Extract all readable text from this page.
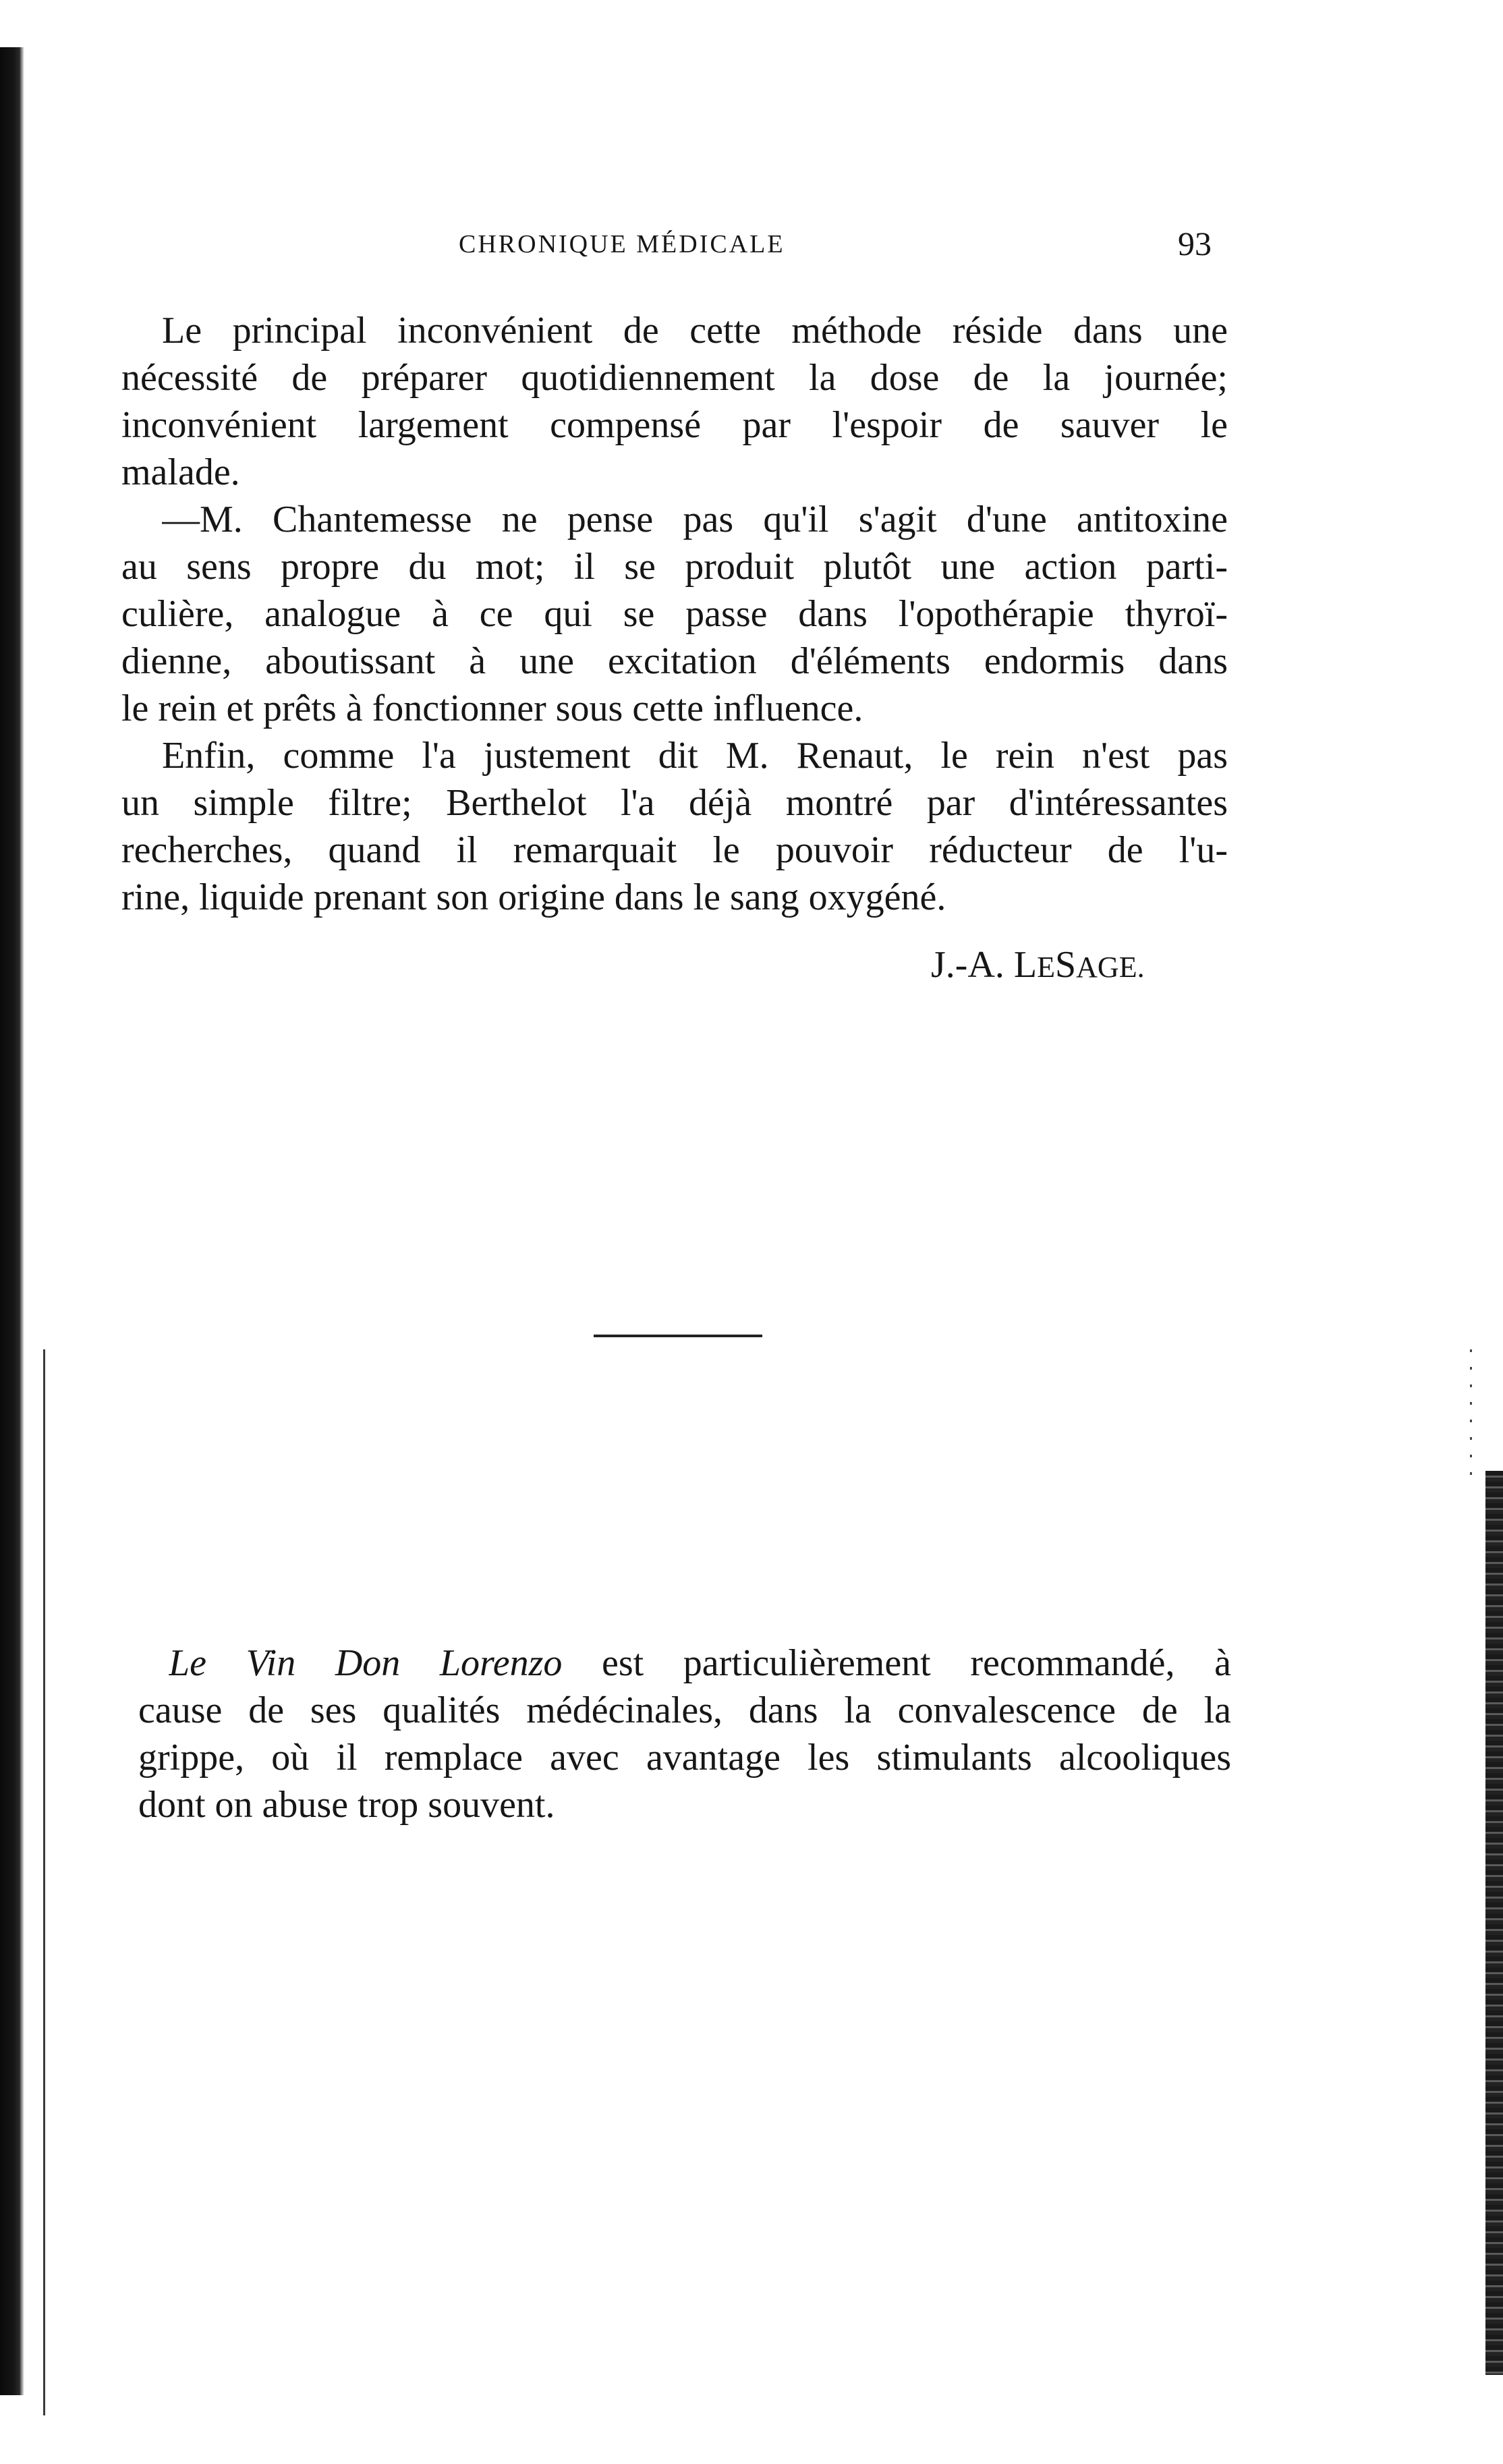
CHRONIQUE MÉDICALE	93
Le principal inconvénient de cette méthode réside dans une
nécessité de préparer quotidiennement la dose de la journée;
inconvénient largement compensé par l'espoir de sauver le
malade.
—M. Chantemesse ne pense pas qu'il s'agit d'une antitoxine
au sens propre du mot; il se produit plutôt une action parti-
culière, analogue à ce qui se passe dans l'opothérapie thyroï-
dienne, aboutissant à une excitation d'éléments endormis dans
le rein et prêts à fonctionner sous cette influence.
Enfin, comme l'a justement dit M. Renaut, le rein n'est pas
un simple filtre; Berthelot l'a déjà montré par d'intéressantes
recherches, quand il remarquait le pouvoir réducteur de l'u-
rine, liquide prenant son origine dans le sang oxygéné.
J.-A. LESAGE.
Le Vin Don Lorenzo est particulièrement recommandé, à
cause de ses qualités médécinales, dans la convalescence de la
grippe, où il remplace avec avantage les stimulants alcooliques
dont on abuse trop souvent.
